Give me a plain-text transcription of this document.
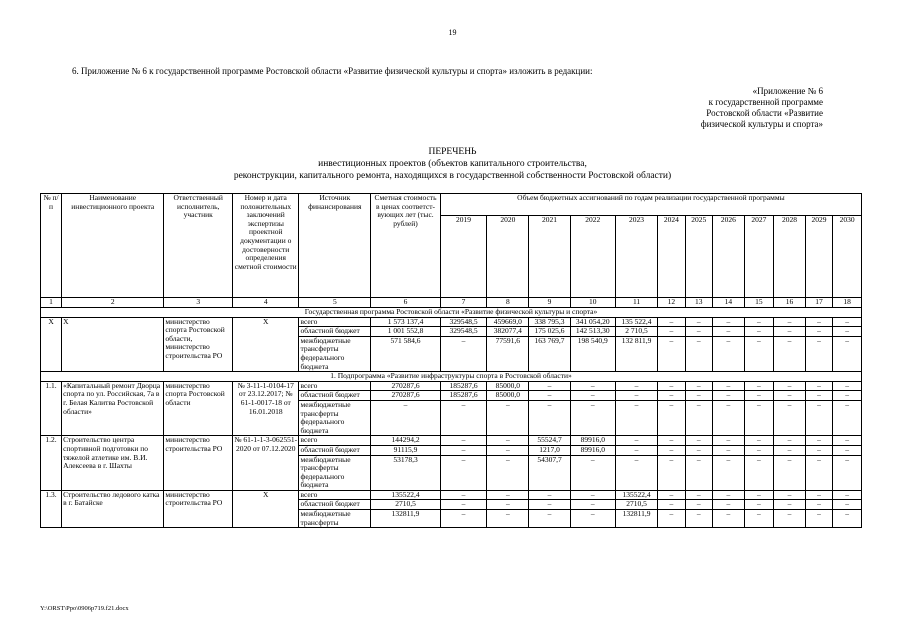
19
6. Приложение № 6 к государственной программе Ростовской области «Развитие физической культуры и спорта» изложить в редакции:
«Приложение № 6
к государственной программе
Ростовской области «Развитие
физической культуры и спорта»
ПЕРЕЧЕНЬ
инвестиционных проектов (объектов капитального строительства,
реконструкции, капитального ремонта, находящихся в государственной собственности Ростовской области)
№ п/п	Наименование инвестиционного проекта	Ответственный исполнитель, участник	Номер и дата положительных заключений экспертизы проектной документации о достоверности определения сметной стоимости	Источник финансирования	Сметная стоимость в ценах соответст-вующих лет (тыс. рублей)	Объем бюджетных ассигнований по годам реализации государственной программы											
						2019	2020	2021	2022	2023	2024	2025	2026	2027	2028	2029	2030
1	2	3	4	5	6	7	8	9	10	11	12	13	14	15	16	17	18
Государственная программа Ростовской области «Развитие физической культуры и спорта»																	
Х	Х	министерство спорта Ростовской области, министерство строительства РО	Х	всего	1 573 137,4	329548,5	459669,0	338 795,3	341 054,20	135 522,4	–	–	–	–	–	–	–
				областной бюджет	1 001 552,8	329548,5	382077,4	175 025,6	142 513,30	2 710,5	–	–	–	–	–	–	–
				межбюджетные трансферты федерального бюджета	571 584,6	–	77591,6	163 769,7	198 540,9	132 811,9	–	–	–	–	–	–	–
1. Подпрограмма «Развитие инфраструктуры спорта в Ростовской области»																	
1.1.	«Капитальный ремонт Дворца спорта по ул. Российская, 7а в г. Белая Калитва Ростовской области»	министерство спорта Ростовской области	№ 3-11-1-0104-17 от 23.12.2017; № 61-1-0017-18 от 16.01.2018	всего	270287,6	185287,6	85000,0	–	–	–	–	–	–	–	–	–	–
				областной бюджет	270287,6	185287,6	85000,0	–	–	–	–	–	–	–	–	–	–
				межбюджетные трансферты федерального бюджета	–	–	–	–	–	–	–	–	–	–	–	–	–
1.2.	Строительство центра спортивной подготовки по тяжелой атлетике им. В.И. Алексеева в г. Шахты	министерство строительства РО	№ 61-1-1-3-062551-2020 от 07.12.2020	всего	144294,2	–	–	55524,7	89916,0	–	–	–	–	–	–	–	–
				областной бюджет	91115,9	–	–	1217,0	89916,0	–	–	–	–	–	–	–	–
				межбюджетные трансферты федерального бюджета	53178,3	–	–	54307,7	–	–	–	–	–	–	–	–	–
1.3.	Строительство ледового катка в г. Батайске	министерство строительства РО	Х	всего	135522,4	–	–	–	–	135522,4	–	–	–	–	–	–	–
				областной бюджет	2710,5	–	–	–	–	2710,5	–	–	–	–	–	–	–
				межбюджетные трансферты	132811,9	–	–	–	–	132811,9	–	–	–	–	–	–	–
Y:\ORST\Ppo\0906p719.f21.docx
